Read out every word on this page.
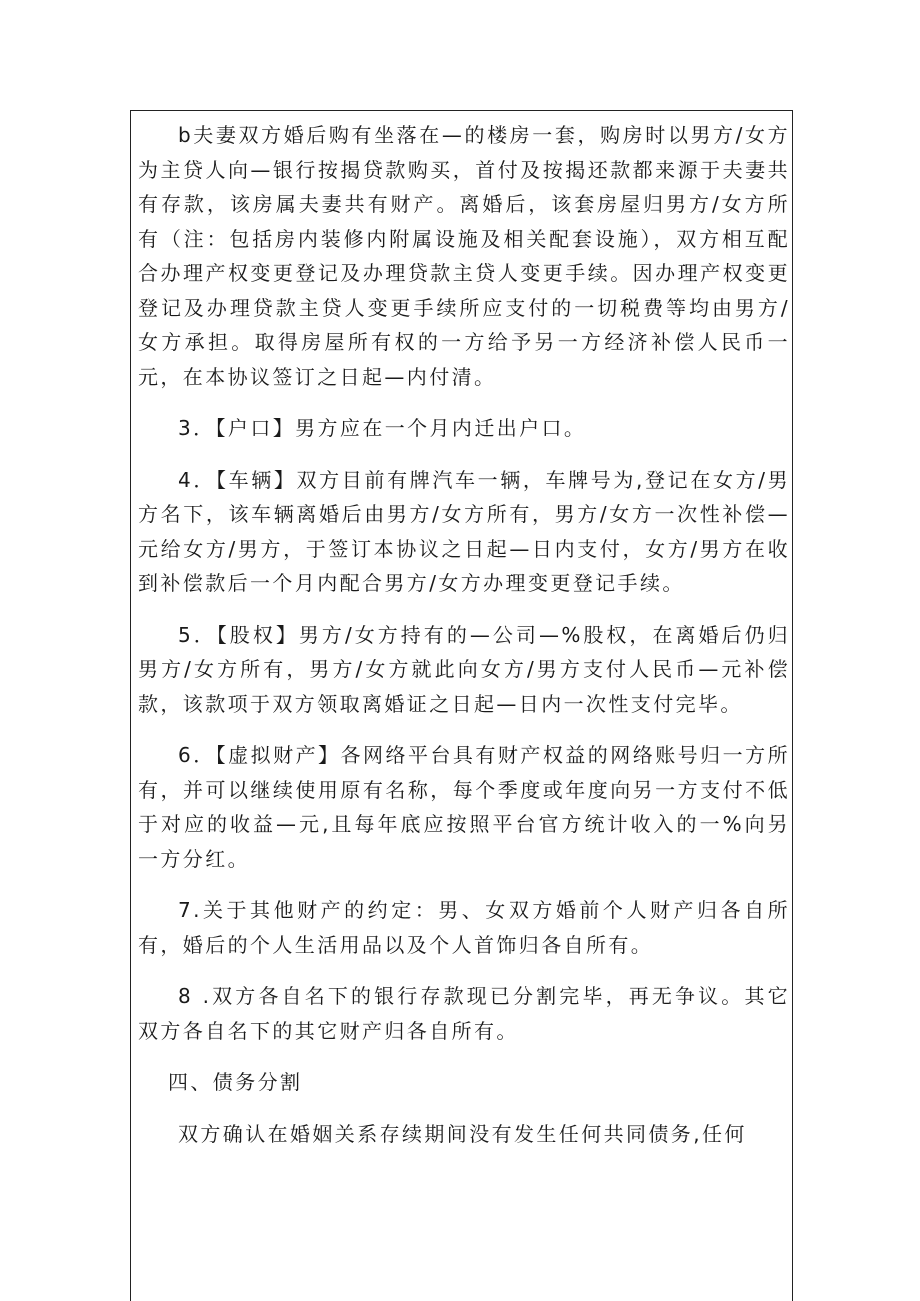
b夫妻双方婚后购有坐落在—的楼房一套，购房时以男方/女方为主贷人向—银行按揭贷款购买，首付及按揭还款都来源于夫妻共有存款，该房属夫妻共有财产。离婚后，该套房屋归男方/女方所有（注：包括房内装修内附属设施及相关配套设施），双方相互配合办理产权变更登记及办理贷款主贷人变更手续。因办理产权变更登记及办理贷款主贷人变更手续所应支付的一切税费等均由男方/女方承担。取得房屋所有权的一方给予另一方经济补偿人民币一元，在本协议签订之日起—内付清。

3．【户口】男方应在一个月内迁出户口。

4．【车辆】双方目前有牌汽车一辆，车牌号为,登记在女方/男方名下，该车辆离婚后由男方/女方所有，男方/女方一次性补偿—元给女方/男方，于签订本协议之日起—日内支付，女方/男方在收到补偿款后一个月内配合男方/女方办理变更登记手续。

5．【股权】男方/女方持有的—公司—%股权，在离婚后仍归男方/女方所有，男方/女方就此向女方/男方支付人民币—元补偿款，该款项于双方领取离婚证之日起—日内一次性支付完毕。

6．【虚拟财产】各网络平台具有财产权益的网络账号归一方所有，并可以继续使用原有名称，每个季度或年度向另一方支付不低于对应的收益—元,且每年底应按照平台官方统计收入的一%向另一方分红。

7.关于其他财产的约定：男、女双方婚前个人财产归各自所有，婚后的个人生活用品以及个人首饰归各自所有。

8 .双方各自名下的银行存款现已分割完毕，再无争议。其它双方各自名下的其它财产归各自所有。

四、债务分割

双方确认在婚姻关系存续期间没有发生任何共同债务,任何
